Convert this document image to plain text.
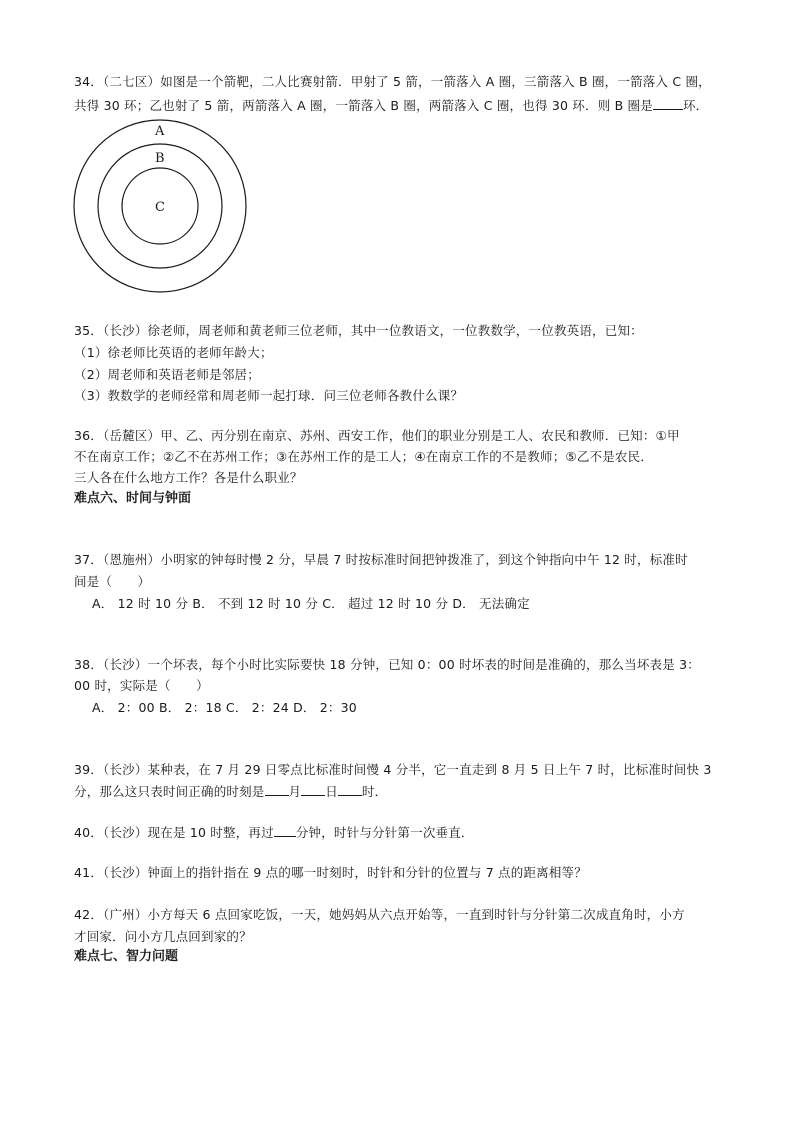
34．（二七区）如图是一个箭靶，二人比赛射箭．甲射了 5 箭，一箭落入 A 圈，三箭落入 B 圈，一箭落入 C 圈，
共得 30 环；乙也射了 5 箭，两箭落入 A 圈，一箭落入 B 圈，两箭落入 C 圈，也得 30 环．则 B 圈是 环．
A
B
C
35．（长沙）徐老师，周老师和黄老师三位老师，其中一位教语文，一位教数学，一位教英语，已知：
（1）徐老师比英语的老师年龄大；
（2）周老师和英语老师是邻居；
（3）教数学的老师经常和周老师一起打球．问三位老师各教什么课？
36．（岳麓区）甲、乙、丙分别在南京、苏州、西安工作，他们的职业分别是工人、农民和教师．已知：①甲
不在南京工作；②乙不在苏州工作；③在苏州工作的是工人；④在南京工作的不是教师；⑤乙不是农民．
三人各在什么地方工作？各是什么职业？
难点六、时间与钟面
37．（恩施州）小明家的钟每时慢 2 分，早晨 7 时按标准时间把钟拨准了，到这个钟指向中午 12 时，标准时
间是（　　）
A． 12 时 10 分 B． 不到 12 时 10 分 C． 超过 12 时 10 分 D． 无法确定
38．（长沙）一个坏表，每个小时比实际要快 18 分钟，已知 0：00 时坏表的时间是准确的，那么当坏表是 3：
00 时，实际是（　　）
A． 2：00 B． 2：18 C． 2：24 D． 2：30
39．（长沙）某种表，在 7 月 29 日零点比标准时间慢 4 分半，它一直走到 8 月 5 日上午 7 时，比标准时间快 3
分，那么这只表时间正确的时刻是 月 日 时．
40．（长沙）现在是 10 时整，再过 分钟，时针与分针第一次垂直．
41．（长沙）钟面上的指针指在 9 点的哪一时刻时，时针和分针的位置与 7 点的距离相等？
42．（广州）小方每天 6 点回家吃饭，一天，她妈妈从六点开始等，一直到时针与分针第二次成直角时，小方
才回家．问小方几点回到家的？
难点七、智力问题
